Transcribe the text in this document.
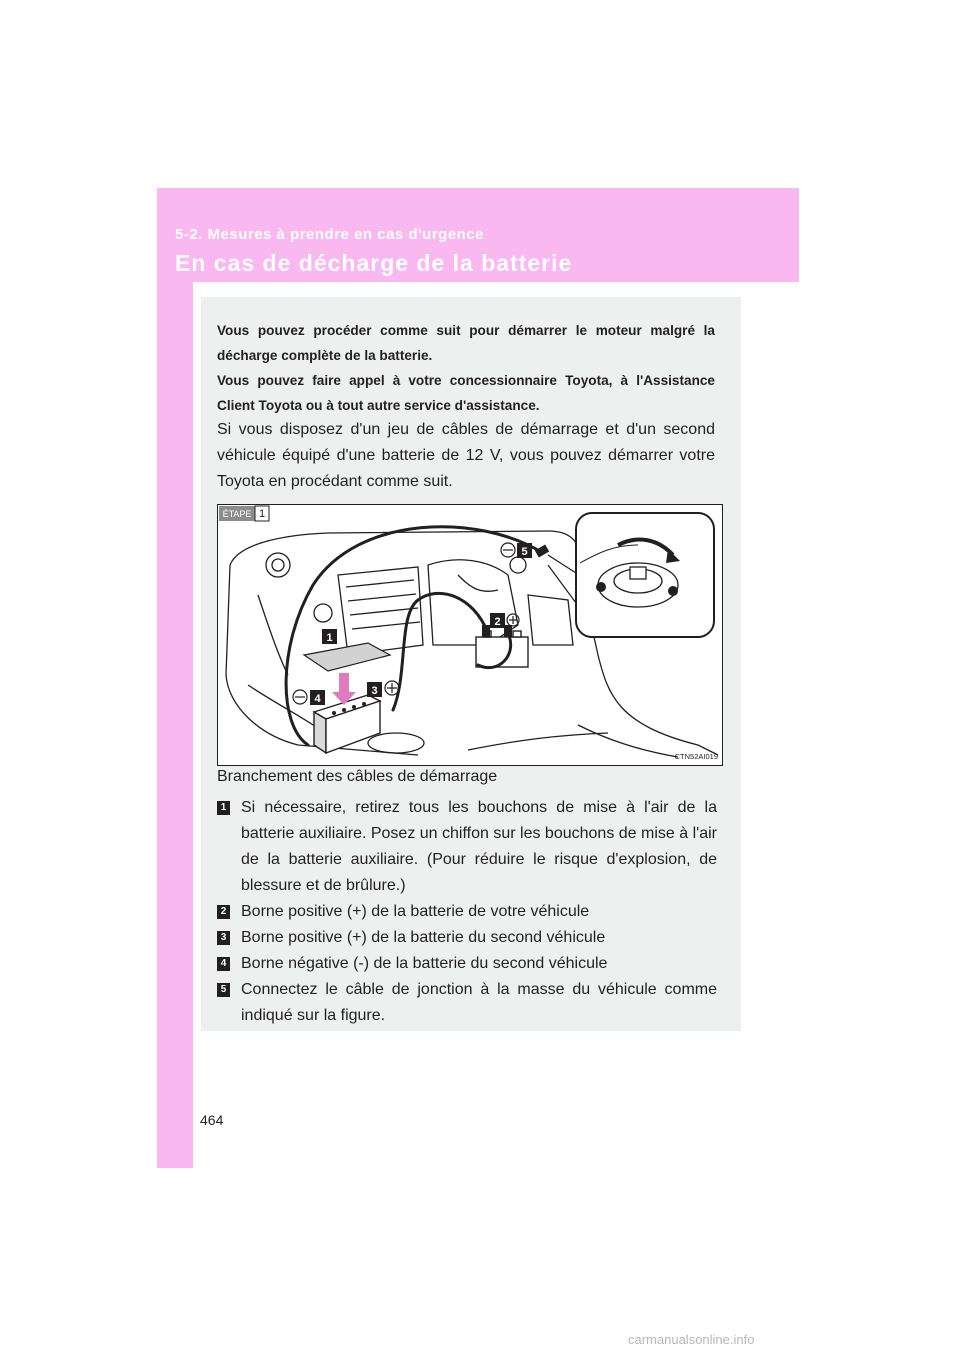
5-2. Mesures à prendre en cas d'urgence
En cas de décharge de la batterie

Vous pouvez procéder comme suit pour démarrer le moteur malgré la décharge complète de la batterie.

Vous pouvez faire appel à votre concessionnaire Toyota, à l'Assistance Client Toyota ou à tout autre service d'assistance.

Si vous disposez d'un jeu de câbles de démarrage et d'un second véhicule équipé d'une batterie de 12 V, vous pouvez démarrer votre Toyota en procédant comme suit.

ÉTAPE 1
1
2
3
4
5
CTN52AI019
Branchement des câbles de démarrage
1 Si nécessaire, retirez tous les bouchons de mise à l'air de la batterie auxiliaire. Posez un chiffon sur les bouchons de mise à l'air de la batterie auxiliaire. (Pour réduire le risque d'explosion, de blessure et de brûlure.)
2 Borne positive (+) de la batterie de votre véhicule
3 Borne positive (+) de la batterie du second véhicule
4 Borne négative (-) de la batterie du second véhicule
5 Connectez le câble de jonction à la masse du véhicule comme indiqué sur la figure.
464
carmanualsonline.info
